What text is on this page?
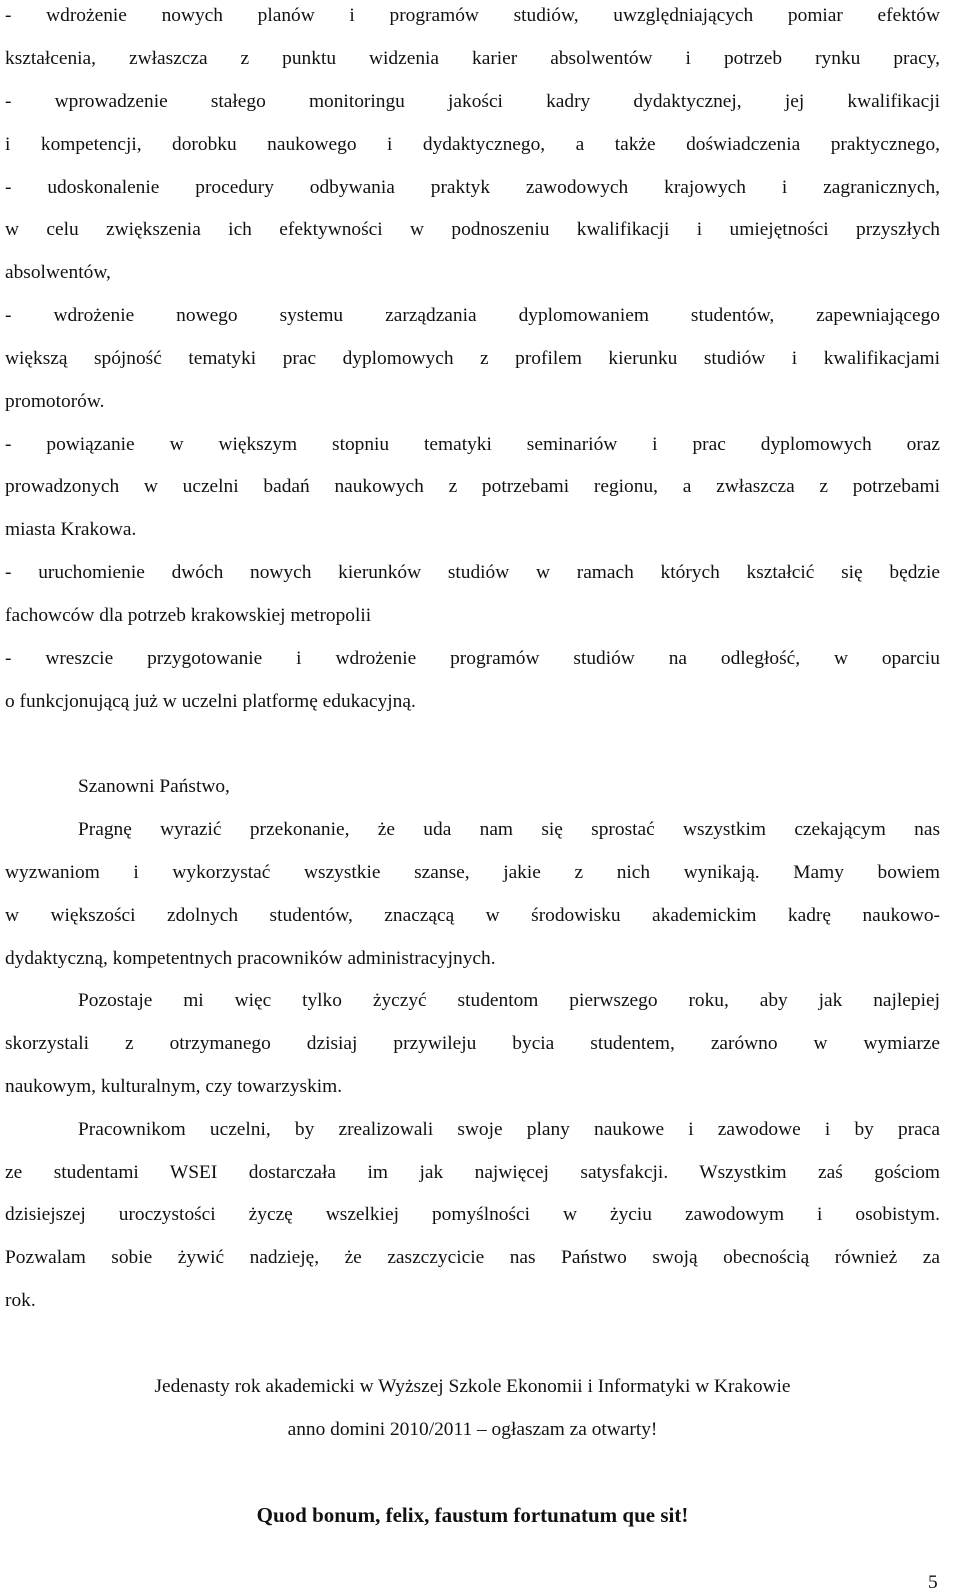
- wdrożenie nowych planów i programów studiów, uwzględniających pomiar efektów
kształcenia, zwłaszcza z punktu widzenia karier absolwentów i potrzeb rynku pracy,
- wprowadzenie stałego monitoringu jakości kadry dydaktycznej, jej kwalifikacji
i kompetencji, dorobku naukowego i dydaktycznego, a także doświadczenia praktycznego,
- udoskonalenie procedury odbywania praktyk zawodowych krajowych i zagranicznych,
w celu zwiększenia ich efektywności w podnoszeniu kwalifikacji i umiejętności przyszłych
absolwentów,
- wdrożenie nowego systemu zarządzania dyplomowaniem studentów, zapewniającego
większą spójność tematyki prac dyplomowych z profilem kierunku studiów i kwalifikacjami
promotorów.
- powiązanie w większym stopniu tematyki seminariów i prac dyplomowych oraz
prowadzonych w uczelni badań naukowych z potrzebami regionu, a zwłaszcza z potrzebami
miasta Krakowa.
- uruchomienie dwóch nowych kierunków studiów w ramach których kształcić się będzie
fachowców dla potrzeb krakowskiej metropolii
- wreszcie przygotowanie i wdrożenie programów studiów na odległość, w oparciu
o funkcjonującą już w uczelni platformę edukacyjną.
Szanowni Państwo,
Pragnę wyrazić przekonanie, że uda nam się sprostać wszystkim czekającym nas
wyzwaniom i wykorzystać wszystkie szanse, jakie z nich wynikają. Mamy bowiem
w większości zdolnych studentów, znaczącą w środowisku akademickim kadrę naukowo-
dydaktyczną, kompetentnych pracowników administracyjnych.
Pozostaje mi więc tylko życzyć studentom pierwszego roku, aby jak najlepiej
skorzystali z otrzymanego dzisiaj przywileju bycia studentem, zarówno w wymiarze
naukowym, kulturalnym, czy towarzyskim.
Pracownikom uczelni, by zrealizowali swoje plany naukowe i zawodowe i by praca
ze studentami WSEI dostarczała im jak najwięcej satysfakcji. Wszystkim zaś gościom
dzisiejszej uroczystości życzę wszelkiej pomyślności w życiu zawodowym i osobistym.
Pozwalam sobie żywić nadzieję, że zaszczycicie nas Państwo swoją obecnością również za
rok.
Jedenasty rok akademicki w Wyższej Szkole Ekonomii i Informatyki w Krakowie
anno domini 2010/2011 – ogłaszam za otwarty!
Quod bonum, felix, faustum fortunatum que sit!
5
